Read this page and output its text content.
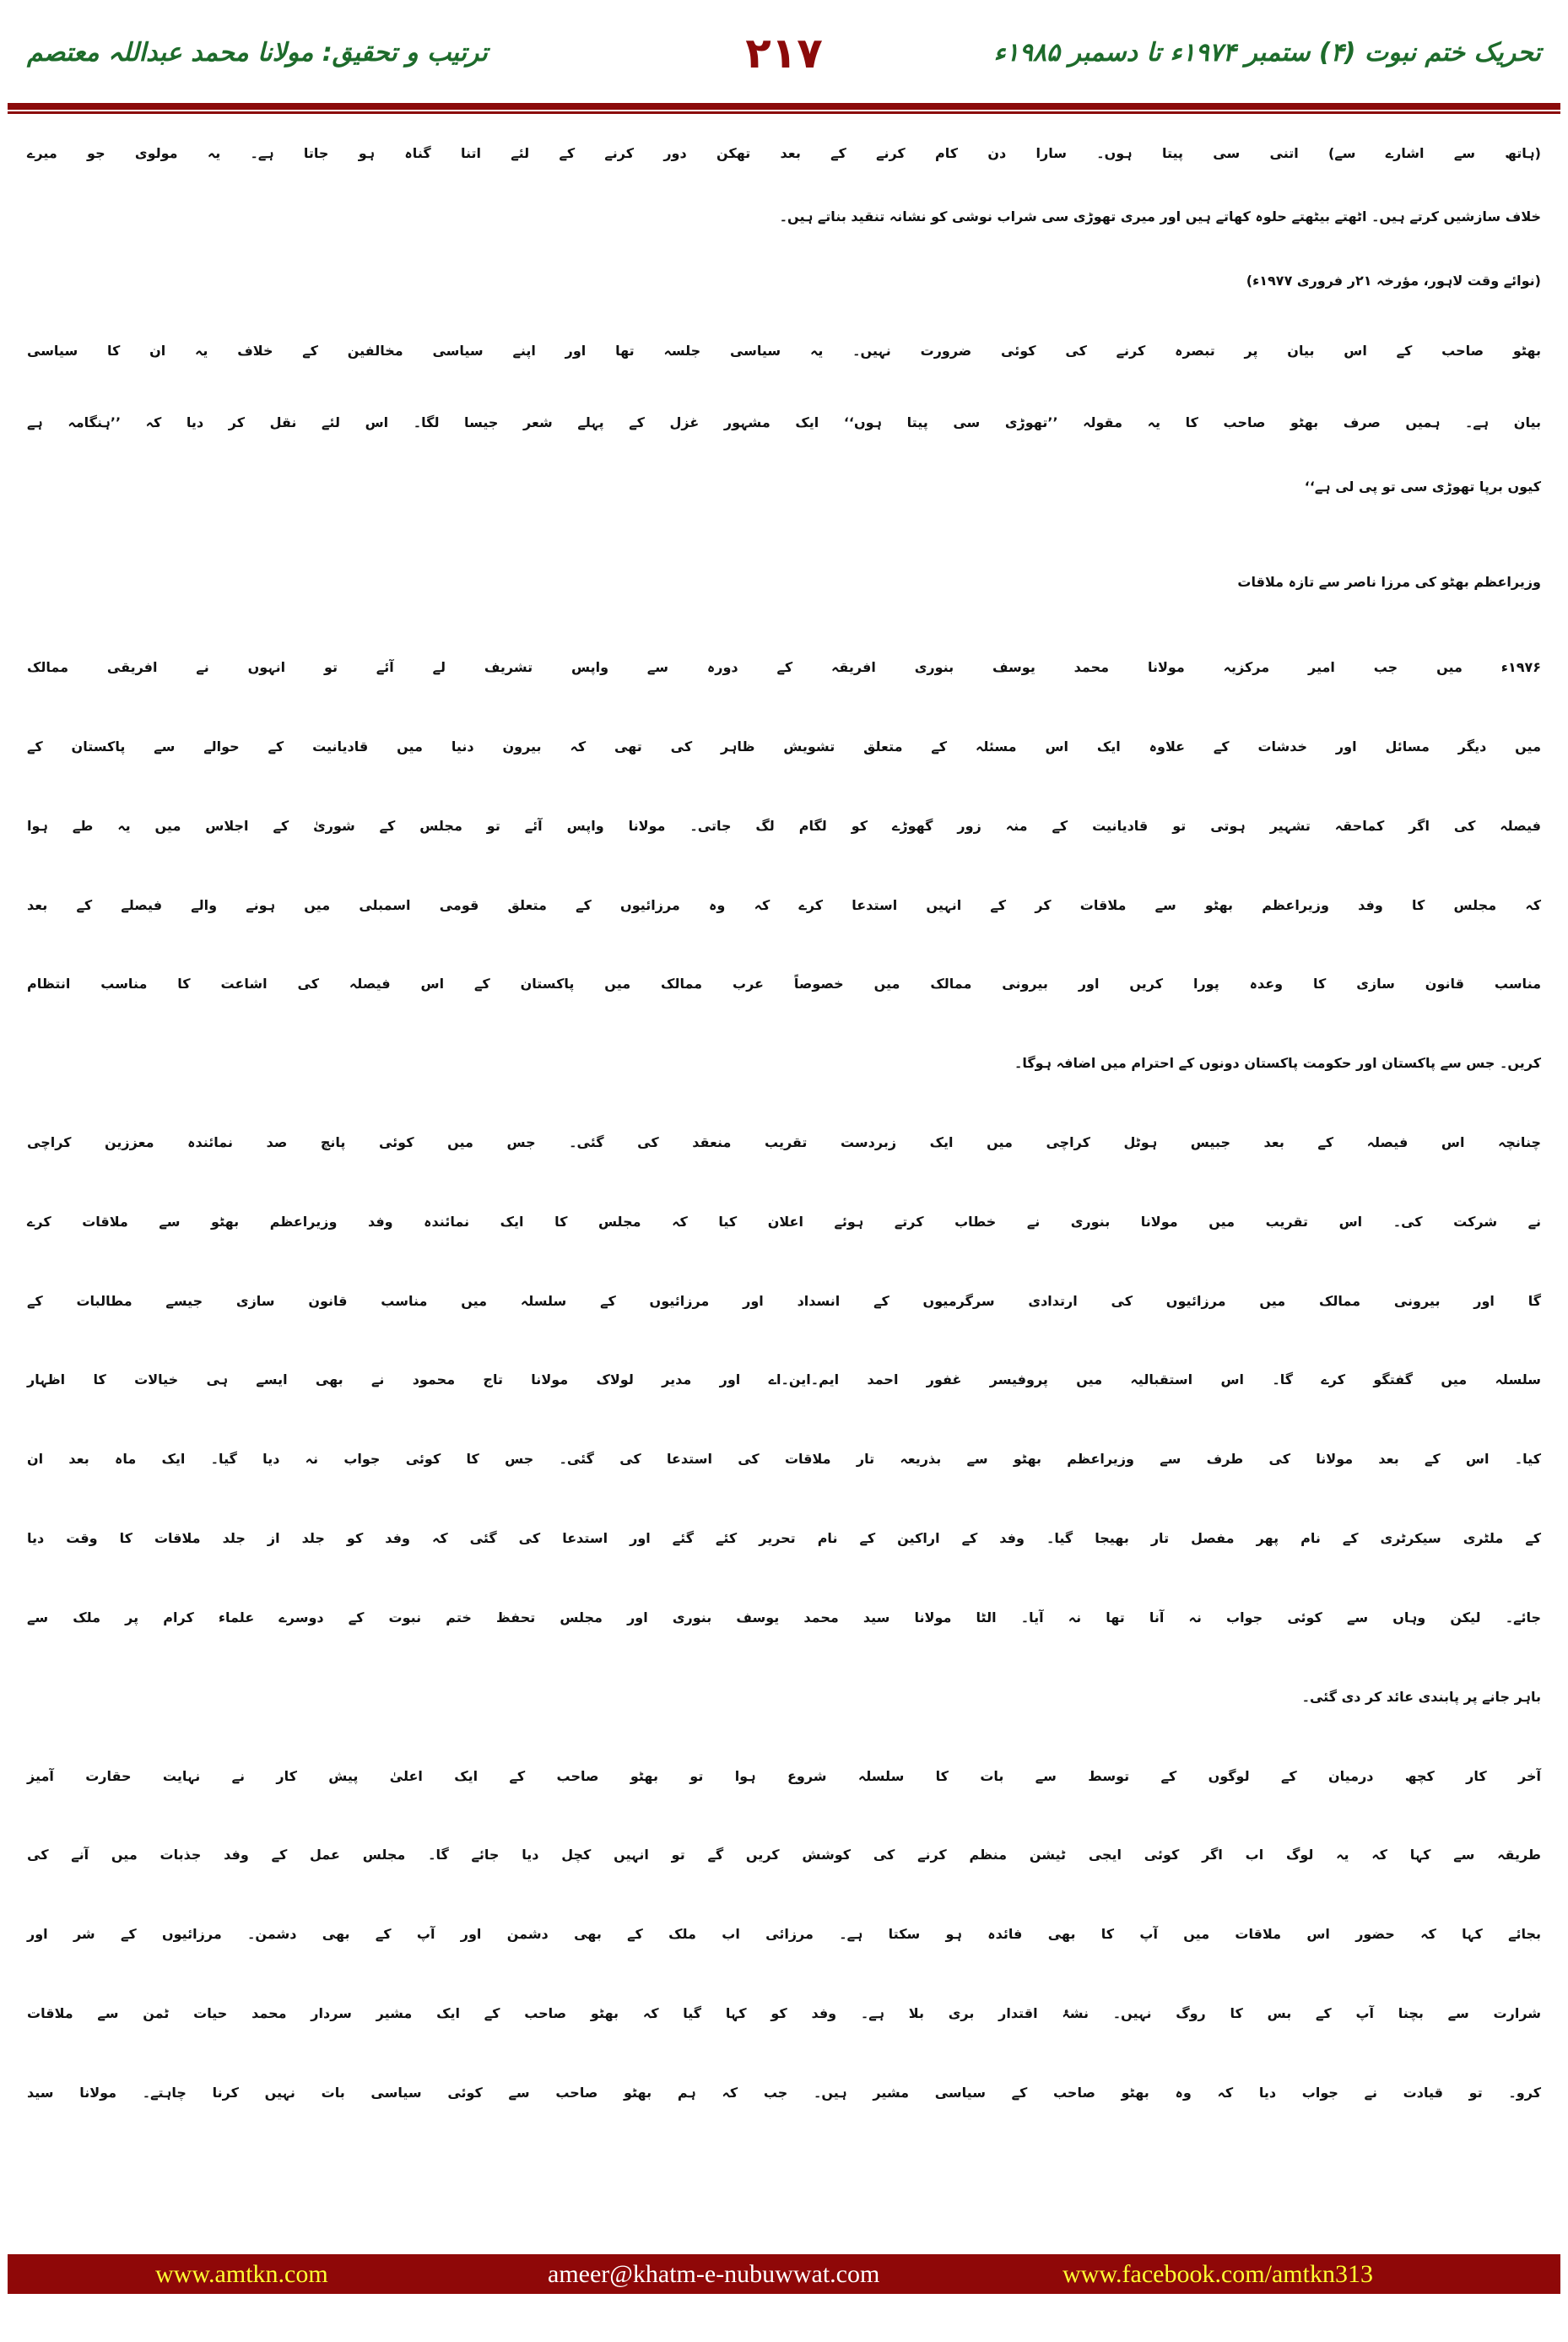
تحریک ختم نبوت (۴) ستمبر ۱۹۷۴ء تا دسمبر ۱۹۸۵ء
۲۱۷
ترتیب و تحقیق: مولانا محمد عبداللہ معتصم
(ہاتھ سے اشارے سے) اتنی سی پیتا ہوں۔ سارا دن کام کرنے کے بعد تھکن دور کرنے کے لئے اتنا گناہ ہو جاتا ہے۔ یہ مولوی جو میرے
خلاف سازشیں کرتے ہیں۔ اٹھتے بیٹھتے حلوہ کھاتے ہیں اور میری تھوڑی سی شراب نوشی کو نشانہ تنقید بناتے ہیں۔
(نوائے وقت لاہور، مؤرخہ ۲۱ر فروری ۱۹۷۷ء)
بھٹو صاحب کے اس بیان پر تبصرہ کرنے کی کوئی ضرورت نہیں۔ یہ سیاسی جلسہ تھا اور اپنے سیاسی مخالفین کے خلاف یہ ان کا سیاسی
بیان ہے۔ ہمیں صرف بھٹو صاحب کا یہ مقولہ ’’تھوڑی سی پیتا ہوں‘‘ ایک مشہور غزل کے پہلے شعر جیسا لگا۔ اس لئے نقل کر دیا کہ ’’ہنگامہ ہے
کیوں برپا تھوڑی سی تو پی لی ہے‘‘
وزیراعظم بھٹو کی مرزا ناصر سے تازہ ملاقات
۱۹۷۶ء میں جب امیر مرکزیہ مولانا محمد یوسف بنوری افریقہ کے دورہ سے واپس تشریف لے آئے تو انہوں نے افریقی ممالک
میں دیگر مسائل اور خدشات کے علاوہ ایک اس مسئلہ کے متعلق تشویش ظاہر کی تھی کہ بیرون دنیا میں قادیانیت کے حوالے سے پاکستان کے
فیصلہ کی اگر کماحقہ تشہیر ہوتی تو قادیانیت کے منہ زور گھوڑے کو لگام لگ جاتی۔ مولانا واپس آئے تو مجلس کے شوریٰ کے اجلاس میں یہ طے ہوا
کہ مجلس کا وفد وزیراعظم بھٹو سے ملاقات کر کے انہیں استدعا کرے کہ وہ مرزائیوں کے متعلق قومی اسمبلی میں ہونے والے فیصلے کے بعد
مناسب قانون سازی کا وعدہ پورا کریں اور بیرونی ممالک میں خصوصاً عرب ممالک میں پاکستان کے اس فیصلہ کی اشاعت کا مناسب انتظام
کریں۔ جس سے پاکستان اور حکومت پاکستان دونوں کے احترام میں اضافہ ہوگا۔
چنانچہ اس فیصلہ کے بعد جبیس ہوٹل کراچی میں ایک زبردست تقریب منعقد کی گئی۔ جس میں کوئی پانچ صد نمائندہ معززین کراچی
نے شرکت کی۔ اس تقریب میں مولانا بنوری نے خطاب کرتے ہوئے اعلان کیا کہ مجلس کا ایک نمائندہ وفد وزیراعظم بھٹو سے ملاقات کرے
گا اور بیرونی ممالک میں مرزائیوں کی ارتدادی سرگرمیوں کے انسداد اور مرزائیوں کے سلسلہ میں مناسب قانون سازی جیسے مطالبات کے
سلسلہ میں گفتگو کرے گا۔ اس استقبالیہ میں پروفیسر غفور احمد ایم۔این۔اے اور مدیر لولاک مولانا تاج محمود نے بھی ایسے ہی خیالات کا اظہار
کیا۔ اس کے بعد مولانا کی طرف سے وزیراعظم بھٹو سے بذریعہ تار ملاقات کی استدعا کی گئی۔ جس کا کوئی جواب نہ دیا گیا۔ ایک ماہ بعد ان
کے ملٹری سیکرٹری کے نام پھر مفصل تار بھیجا گیا۔ وفد کے اراکین کے نام تحریر کئے گئے اور استدعا کی گئی کہ وفد کو جلد از جلد ملاقات کا وقت دیا
جائے۔ لیکن وہاں سے کوئی جواب نہ آنا تھا نہ آیا۔ الٹا مولانا سید محمد یوسف بنوری اور مجلس تحفظ ختم نبوت کے دوسرے علماء کرام پر ملک سے
باہر جانے پر پابندی عائد کر دی گئی۔
آخر کار کچھ درمیان کے لوگوں کے توسط سے بات کا سلسلہ شروع ہوا تو بھٹو صاحب کے ایک اعلیٰ پیش کار نے نہایت حقارت آمیز
طریقہ سے کہا کہ یہ لوگ اب اگر کوئی ایجی ٹیشن منظم کرنے کی کوشش کریں گے تو انہیں کچل دیا جائے گا۔ مجلس عمل کے وفد جذبات میں آنے کی
بجائے کہا کہ حضور اس ملاقات میں آپ کا بھی فائدہ ہو سکتا ہے۔ مرزائی اب ملک کے بھی دشمن اور آپ کے بھی دشمن۔ مرزائیوں کے شر اور
شرارت سے بچنا آپ کے بس کا روگ نہیں۔ نشۂ اقتدار بری بلا ہے۔ وفد کو کہا گیا کہ بھٹو صاحب کے ایک مشیر سردار محمد حیات ٹمن سے ملاقات
کرو۔ تو قیادت نے جواب دیا کہ وہ بھٹو صاحب کے سیاسی مشیر ہیں۔ جب کہ ہم بھٹو صاحب سے کوئی سیاسی بات نہیں کرنا چاہتے۔ مولانا سید
www.amtkn.com	ameer@khatm-e-nubuwwat.com	www.facebook.com/amtkn313
